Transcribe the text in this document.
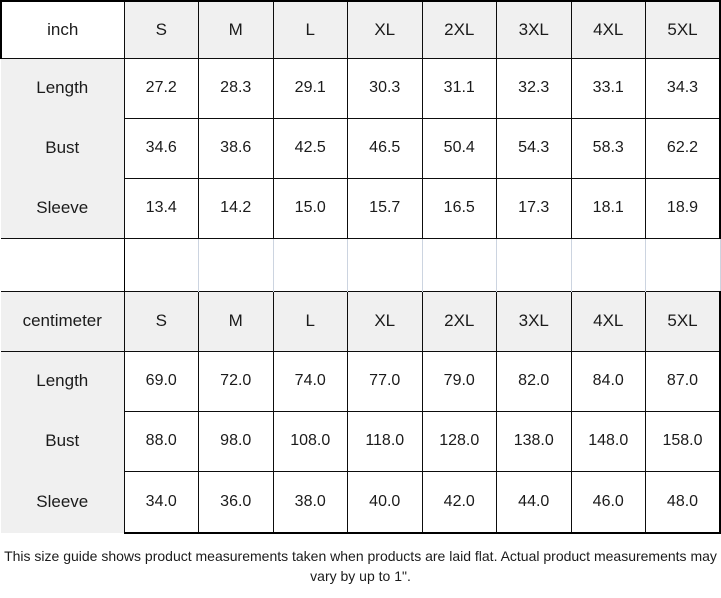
inch	S	M	L	XL	2XL	3XL	4XL	5XL
Length	27.2	28.3	29.1	30.3	31.1	32.3	33.1	34.3
Bust	34.6	38.6	42.5	46.5	50.4	54.3	58.3	62.2
Sleeve	13.4	14.2	15.0	15.7	16.5	17.3	18.1	18.9

centimeter	S	M	L	XL	2XL	3XL	4XL	5XL
Length	69.0	72.0	74.0	77.0	79.0	82.0	84.0	87.0
Bust	88.0	98.0	108.0	118.0	128.0	138.0	148.0	158.0
Sleeve	34.0	36.0	38.0	40.0	42.0	44.0	46.0	48.0
This size guide shows product measurements taken when products are laid flat. Actual product measurements may vary by up to 1".
